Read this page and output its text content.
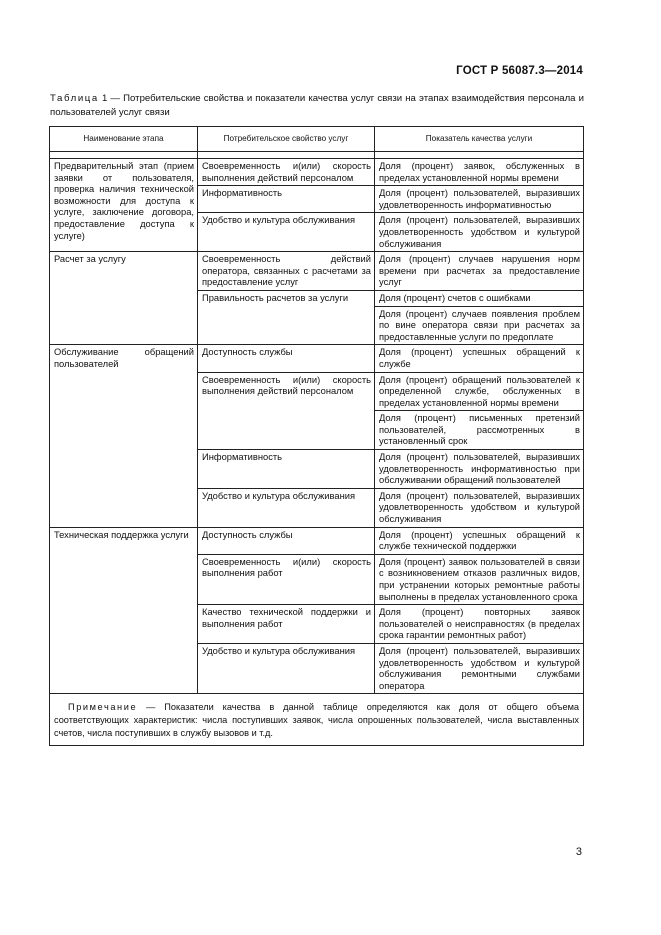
ГОСТ Р 56087.3—2014
Таблица 1 — Потребительские свойства и показатели качества услуг связи на этапах взаимодействия персонала и пользователей услуг связи
Наименование этапа	Потребительское свойство услуг	Показатель качества услуги

Предварительный этап (прием заявки от пользователя, проверка наличия технической возможности для доступа к услуге, заключение договора, предоставление доступа к услуге)	Своевременность и(или) скорость выполнения действий персоналом	Доля (процент) заявок, обслуженных в пределах установленной нормы времени
	Информативность	Доля (процент) пользователей, выразивших удовлетворенность информативностью
	Удобство и культура обслуживания	Доля (процент) пользователей, выразивших удовлетворенность удобством и культурой обслуживания
Расчет за услугу	Своевременность действий оператора, связанных с расчетами за предоставление услуг	Доля (процент) случаев нарушения норм времени при расчетах за предоставление услуг
	Правильность расчетов за услуги	Доля (процент) счетов с ошибками
		Доля (процент) случаев появления проблем по вине оператора связи при расчетах за предоставленные услуги по предоплате
Обслуживание обращений пользователей	Доступность службы	Доля (процент) успешных обращений к службе
	Своевременность и(или) скорость выполнения действий персоналом	Доля (процент) обращений пользователей к определенной службе, обслуженных в пределах установленной нормы времени
		Доля (процент) письменных претензий пользователей, рассмотренных в установленный срок
	Информативность	Доля (процент) пользователей, выразивших удовлетворенность информативностью при обслуживании обращений пользователей
	Удобство и культура обслуживания	Доля (процент) пользователей, выразивших удовлетворенность удобством и культурой обслуживания
Техническая поддержка услуги	Доступность службы	Доля (процент) успешных обращений к службе технической поддержки
	Своевременность и(или) скорость выполнения работ	Доля (процент) заявок пользователей в связи с возникновением отказов различных видов, при устранении которых ремонтные работы выполнены в пределах установленного срока
	Качество технической поддержки и выполнения работ	Доля (процент) повторных заявок пользователей о неисправностях (в пределах срока гарантии ремонтных работ)
	Удобство и культура обслуживания	Доля (процент) пользователей, выразивших удовлетворенность удобством и культурой обслуживания ремонтными службами оператора
Примечание — Показатели качества в данной таблице определяются как доля от общего объема соответствующих характеристик: числа поступивших заявок, числа опрошенных пользователей, числа выставленных счетов, числа поступивших в службу вызовов и т.д.		
3
